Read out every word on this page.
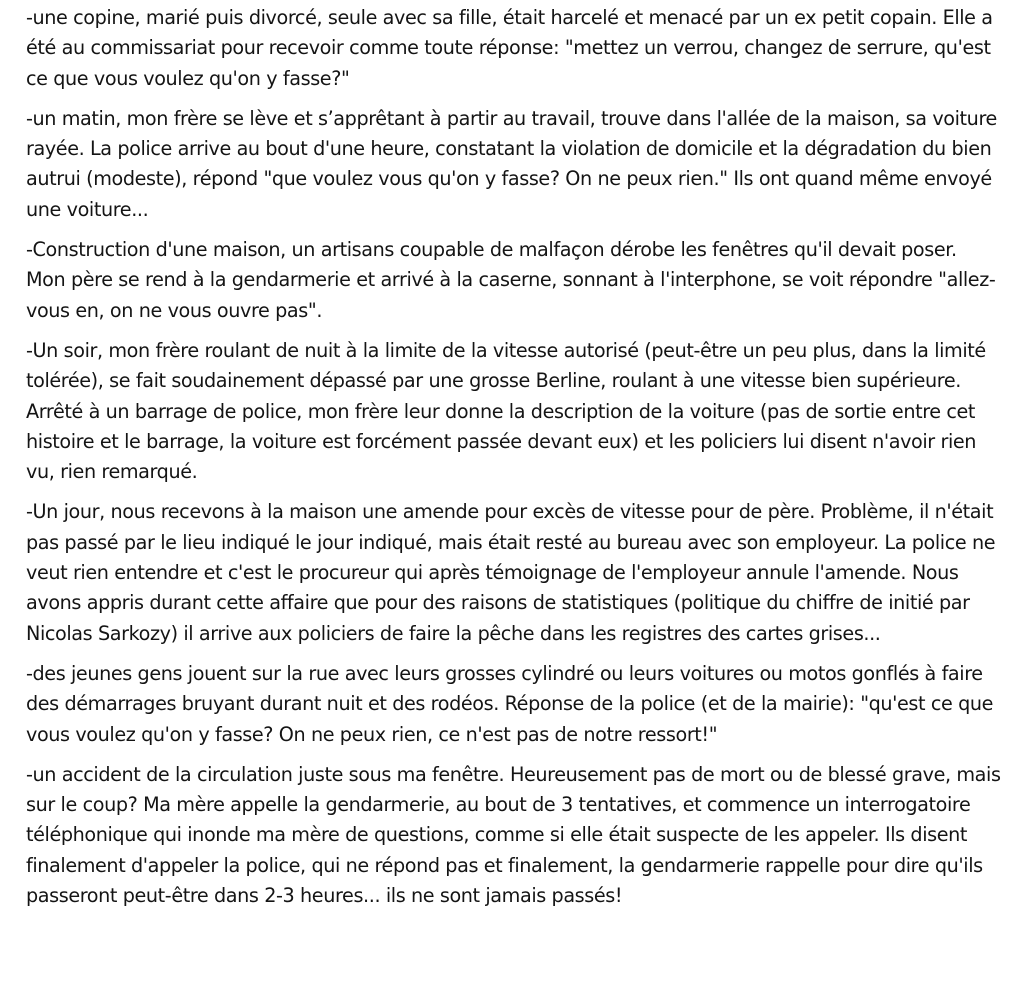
-une copine, marié puis divorcé, seule avec sa fille, était harcelé et menacé par un ex petit copain. Elle a été au commissariat pour recevoir comme toute réponse: "mettez un verrou, changez de serrure, qu'est ce que vous voulez qu'on y fasse?"

-un matin, mon frère se lève et s’apprêtant à partir au travail, trouve dans l'allée de la maison, sa voiture rayée. La police arrive au bout d'une heure, constatant la violation de domicile et la dégradation du bien autrui (modeste), répond "que voulez vous qu'on y fasse? On ne peux rien." Ils ont quand même envoyé une voiture...

-Construction d'une maison, un artisans coupable de malfaçon dérobe les fenêtres qu'il devait poser. Mon père se rend à la gendarmerie et arrivé à la caserne, sonnant à l'interphone, se voit répondre "allez-vous en, on ne vous ouvre pas".

-Un soir, mon frère roulant de nuit à la limite de la vitesse autorisé (peut-être un peu plus, dans la limité tolérée), se fait soudainement dépassé par une grosse Berline, roulant à une vitesse bien supérieure. Arrêté à un barrage de police, mon frère leur donne la description de la voiture (pas de sortie entre cet histoire et le barrage, la voiture est forcément passée devant eux) et les policiers lui disent n'avoir rien vu, rien remarqué.

-Un jour, nous recevons à la maison une amende pour excès de vitesse pour de père. Problème, il n'était pas passé par le lieu indiqué le jour indiqué, mais était resté au bureau avec son employeur. La police ne veut rien entendre et c'est le procureur qui après témoignage de l'employeur annule l'amende. Nous avons appris durant cette affaire que pour des raisons de statistiques (politique du chiffre de initié par Nicolas Sarkozy) il arrive aux policiers de faire la pêche dans les registres des cartes grises...

-des jeunes gens jouent sur la rue avec leurs grosses cylindré ou leurs voitures ou motos gonflés à faire des démarrages bruyant durant nuit et des rodéos. Réponse de la police (et de la mairie): "qu'est ce que vous voulez qu'on y fasse? On ne peux rien, ce n'est pas de notre ressort!"

-un accident de la circulation juste sous ma fenêtre. Heureusement pas de mort ou de blessé grave, mais sur le coup? Ma mère appelle la gendarmerie, au bout de 3 tentatives, et commence un interrogatoire téléphonique qui inonde ma mère de questions, comme si elle était suspecte de les appeler. Ils disent finalement d'appeler la police, qui ne répond pas et finalement, la gendarmerie rappelle pour dire qu'ils passeront peut-être dans 2-3 heures... ils ne sont jamais passés!
